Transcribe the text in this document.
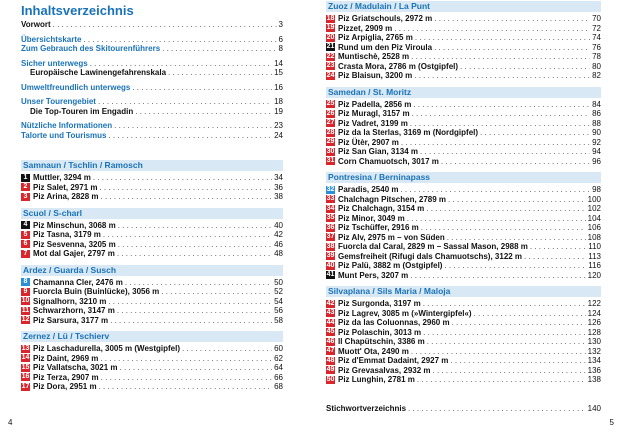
Inhaltsverzeichnis
Vorwort . . .	3
Übersichtskarte . . .	6
Zum Gebrauch des Skitourenführers . . .	8
Sicher unterwegs . . .	14
Europäische Lawinengefahrenskala . . .	15
Umweltfreundlich unterwegs . . .	16
Unser Tourengebiet . . .	18
Die Top-Touren im Engadin . . .	19
Nützliche Informationen . . .	23
Talorte und Tourismus . . .	24
Samnaun / Tschlin / Ramosch
1 Muttler, 3294 m . . .	34
2 Piz Salet, 2971 m . . .	36
3 Piz Arina, 2828 m . . .	38
Scuol / S-charl
4 Piz Minschun, 3068 m . . .	40
5 Piz Tasna, 3179 m . . .	42
6 Piz Sesvenna, 3205 m . . .	46
7 Mot dal Gajer, 2797 m . . .	48
Ardez / Guarda / Susch
8 Chamanna Cler, 2476 m . . .	50
9 Fuorcla Buin (Buinlücke), 3056 m . . .	52
10 Signalhorn, 3210 m . . .	54
11 Schwarzhorn, 3147 m . . .	56
12 Piz Sarsura, 3177 m . . .	58
Zernez / Lü / Tschierv
13 Piz Laschadurella, 3005 m (Westgipfel) . . .	60
14 Piz Daint, 2969 m . . .	62
15 Piz Vallatscha, 3021 m . . .	64
16 Piz Terza, 2907 m . . .	66
17 Piz Dora, 2951 m . . .	68
4
Zuoz / Madulain / La Punt
18 Piz Griatschouls, 2972 m . . .	70
19 Pizzet, 2909 m . . .	72
20 Piz Arpiglia, 2765 m . . .	74
21 Rund um den Piz Viroula . . .	76
22 Muntischè, 2528 m . . .	78
23 Crasta Mora, 2786 m (Ostgipfel) . . .	80
24 Piz Blaisun, 3200 m . . .	82
Samedan / St. Moritz
25 Piz Padella, 2856 m . . .	84
26 Piz Muragl, 3157 m . . .	86
27 Piz Vadret, 3199 m . . .	88
28 Piz da la Sterlas, 3169 m (Nordgipfel) . . .	90
29 Piz Ütèr, 2907 m . . .	92
30 Piz San Gian, 3134 m . . .	94
31 Corn Chamuotsch, 3017 m . . .	96
Pontresina / Berninapass
32 Paradis, 2540 m . . .	98
33 Chalchagn Pitschen, 2789 m . . .	100
34 Piz Chalchagn, 3154 m . . .	102
35 Piz Minor, 3049 m . . .	104
36 Piz Tschüffer, 2916 m . . .	106
37 Piz Alv, 2975 m – von Süden . . .	108
38 Fuorcla dal Caral, 2829 m – Sassal Mason, 2988 m . . .	110
39 Gemsfreiheit (Rifugi dals Chamuotschs), 3122 m . . .	113
40 Piz Palü, 3882 m (Ostgipfel) . . .	116
41 Munt Pers, 3207 m . . .	120
Silvaplana / Sils Maria / Maloja
42 Piz Surgonda, 3197 m . . .	122
43 Piz Lagrev, 3085 m (»Wintergipfel«) . . .	124
44 Piz da las Coluonnas, 2960 m . . .	126
45 Piz Polaschin, 3013 m . . .	128
46 Il Chapütschin, 3386 m . . .	130
47 Muott' Ota, 2490 m . . .	132
48 Piz d'Emmat Dadaint, 2927 m . . .	134
49 Piz Grevasalvas, 2932 m . . .	136
50 Piz Lunghin, 2781 m . . .	138
Stichwortverzeichnis . . .	140
5
